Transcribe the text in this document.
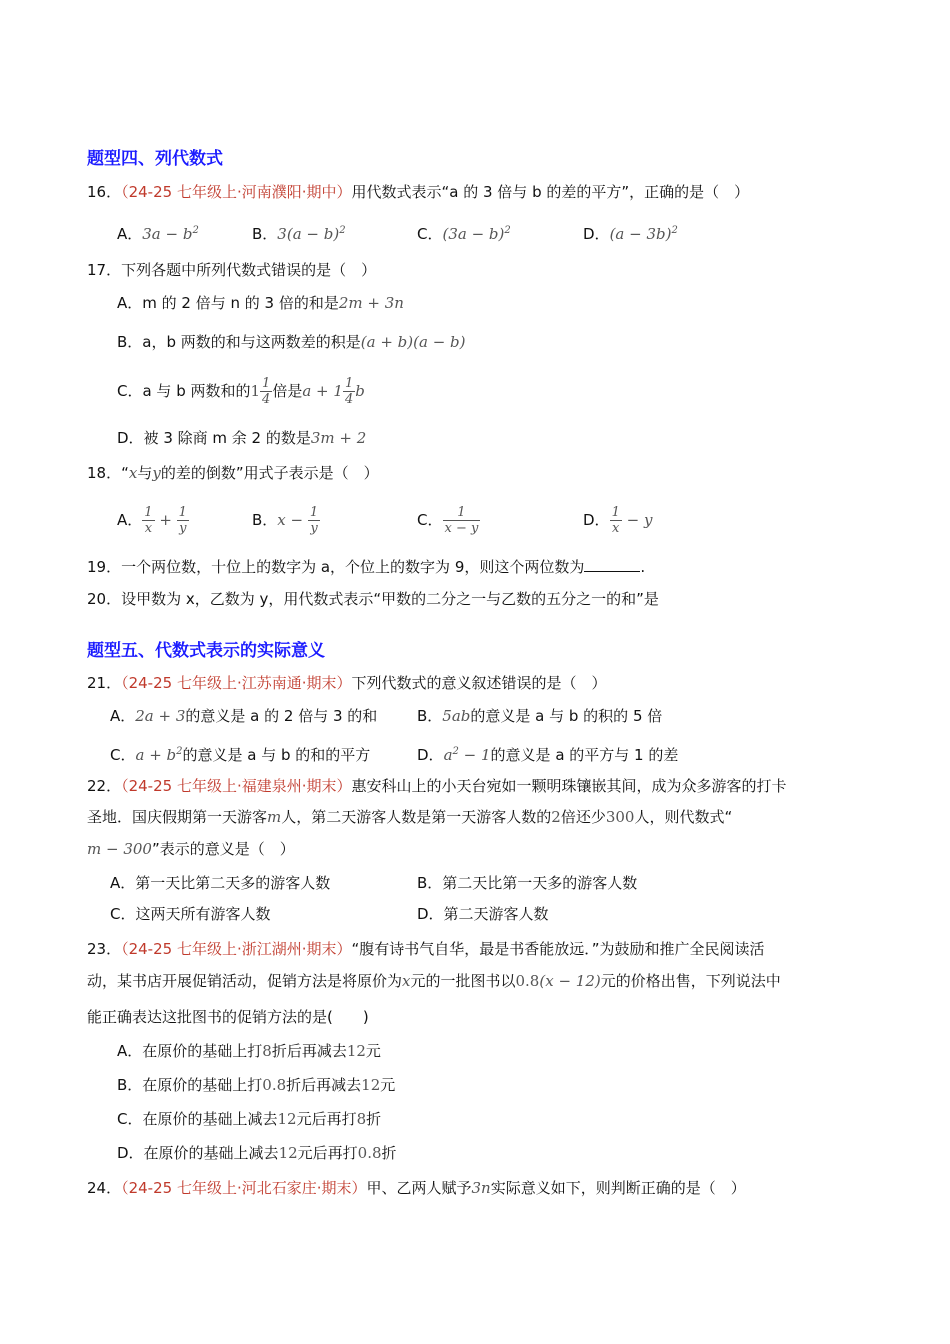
题型四、列代数式
16．（24-25 七年级上·河南濮阳·期中）用代数式表示“a 的 3 倍与 b 的差的平方”，正确的是（　）
A．$3a - b^2$	B．$3(a - b)^2$	C．$(3a - b)^2$	D．$(a - 3b)^2$
17．下列各题中所列代数式错误的是（　）
A．m 的 2 倍与 n 的 3 倍的和是2m + 3n
B．a，b 两数的和与这两数差的积是(a + b)(a − b)
C．a 与 b 两数和的$1 \frac{1}{4}$ 倍是$a + 1 \frac{1}{4}$ b
D．被 3 除商 m 余 2 的数是3m + 2
18．“x与y的差的倒数”用式子表示是（　）
A． $\frac{1}{x} + \frac{1}{y}$	B．$x - \frac{1}{y}$	C． $\frac{1}{x - y}$	D． $\frac{1}{x} - y$
19．一个两位数，十位上的数字为 a，个位上的数字为 9，则这个两位数为	.
20．设甲数为 x，乙数为 y，用代数式表示“甲数的二分之一与乙数的五分之一的和”是
题型五、代数式表示的实际意义
21．（24-25 七年级上·江苏南通·期末）下列代数式的意义叙述错误的是（　）
A．2a + 3的意义是 a 的 2 倍与 3 的和	B．5ab的意义是 a 与 b 的积的 5 倍
C．$a + b^2$的意义是 a 与 b 的和的平方	D．$a^2 - 1$的意义是 a 的平方与 1 的差
22．（24-25 七年级上·福建泉州·期末）惠安科山上的小天台宛如一颗明珠镶嵌其间，成为众多游客的打卡
圣地．国庆假期第一天游客m人，第二天游客人数是第一天游客人数的2倍还少300人，则代数式“
m − 300”表示的意义是（　）
A．第一天比第二天多的游客人数	B．第二天比第一天多的游客人数
C．这两天所有游客人数	D．第二天游客人数
23．（24-25 七年级上·浙江湖州·期末）“腹有诗书气自华，最是书香能放远．”为鼓励和推广全民阅读活
动，某书店开展促销活动，促销方法是将原价为x元的一批图书以0.8(x − 12)元的价格出售，下列说法中
能正确表达这批图书的促销方法的是(　　)
A．在原价的基础上打8折后再减去12元
B．在原价的基础上打0.8折后再减去12元
C．在原价的基础上减去12元后再打8折
D．在原价的基础上减去12元后再打0.8折
24．（24-25 七年级上·河北石家庄·期末）甲、乙两人赋予3n实际意义如下，则判断正确的是（　）
